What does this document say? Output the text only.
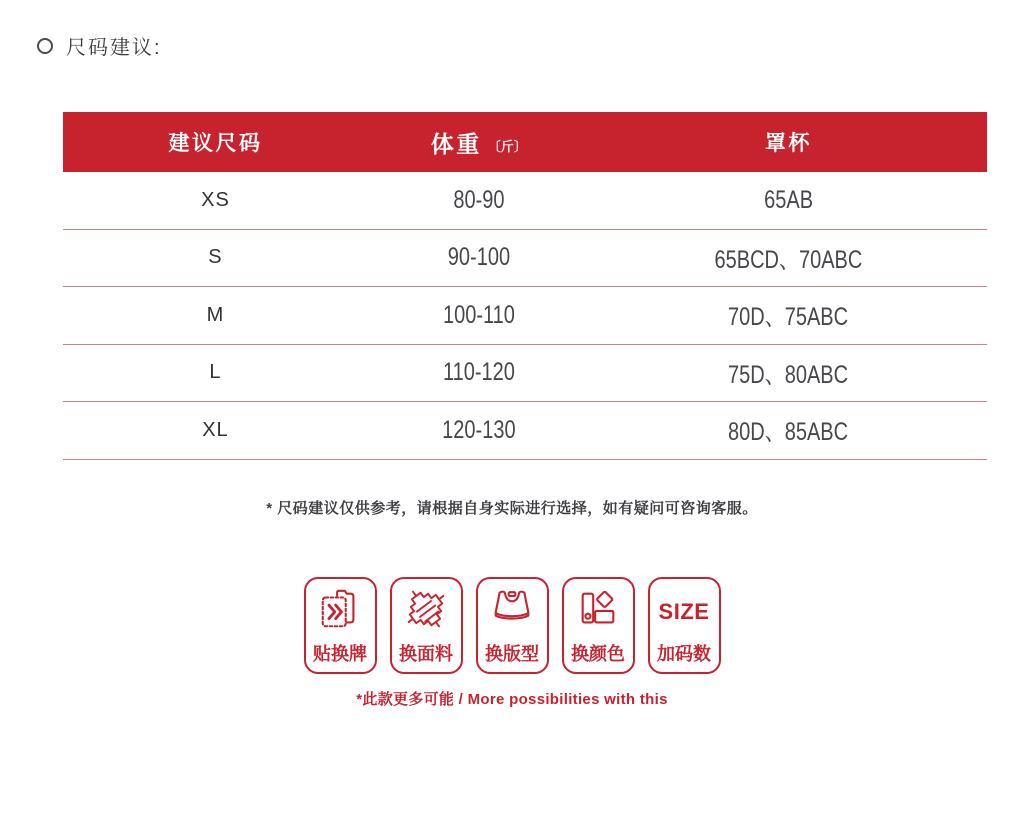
尺码建议:
建议尺码	体重 〔斤〕	罩杯
XS	80-90	65AB
S	90-100	65BCD、70ABC
M	100-110	70D、75ABC
L	110-120	75D、80ABC
XL	120-130	80D、85ABC
* 尺码建议仅供参考，请根据自身实际进行选择，如有疑问可咨询客服。
贴换牌 换面料 换版型 换颜色
SIZE
加码数
*此款更多可能 / More possibilities with this
